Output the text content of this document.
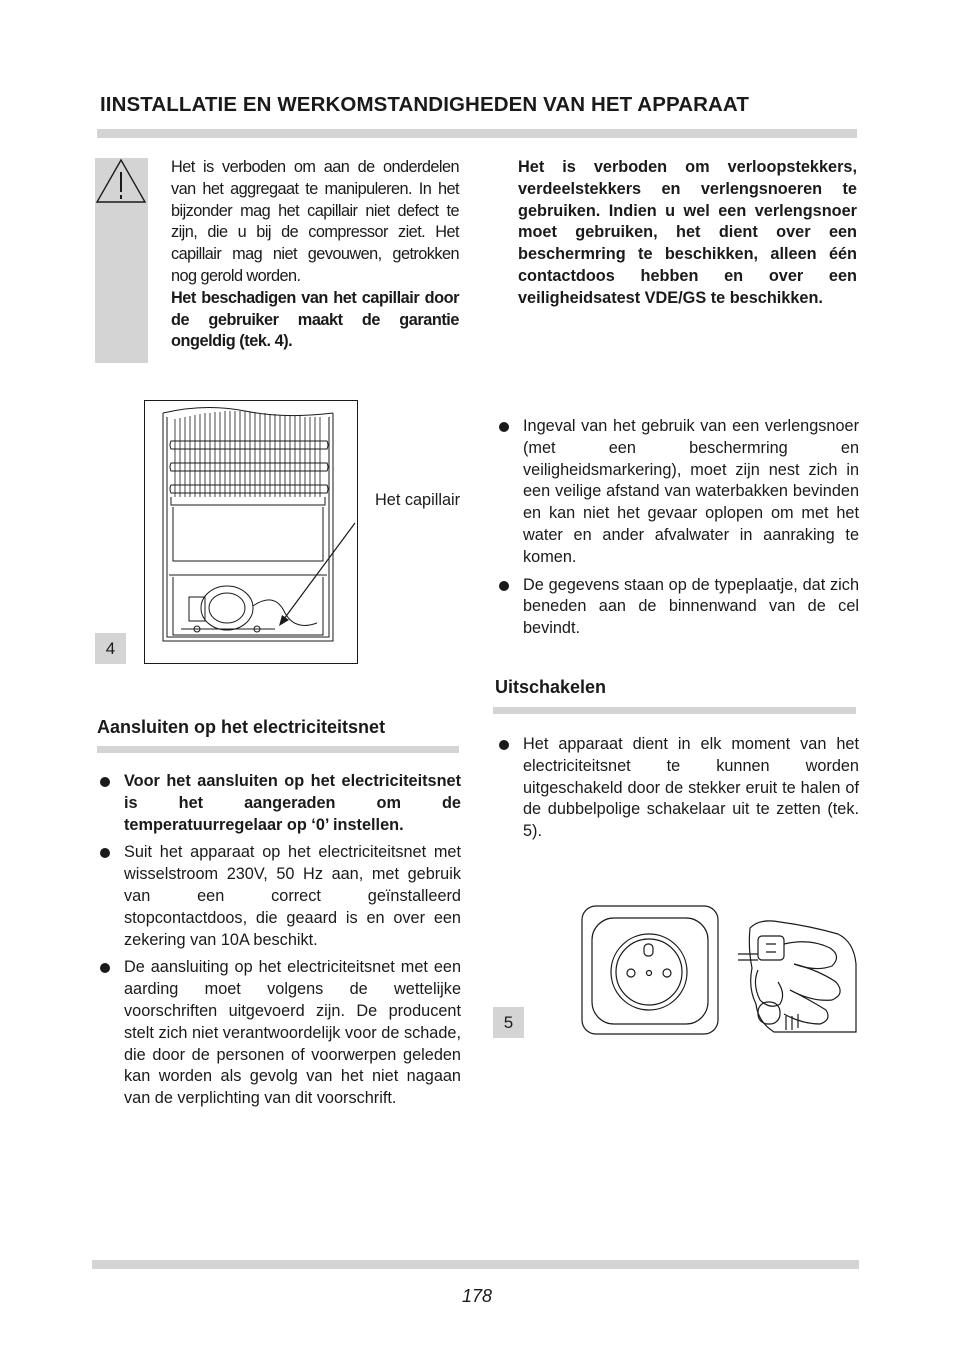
IINSTALLATIE EN WERKOMSTANDIGHEDEN VAN HET APPARAAT
Het is verboden om aan de onderdelen van het aggregaat te manipuleren. In het bijzonder mag het capillair niet defect te zijn, die u bij de compressor ziet. Het capillair mag niet gevouwen, getrokken nog gerold worden.
Het beschadigen van het capillair door de gebruiker maakt de garantie ongeldig (tek. 4).
Het is verboden om verloopstekkers, verdeelstekkers en verlengsnoeren te gebruiken. Indien u wel een verlengsnoer moet gebruiken, het dient over een beschermring te beschikken, alleen één contactdoos hebben en over een veiligheidsatest VDE/GS te beschikken.
4
Het capillair
Ingeval van het gebruik van een verlengsnoer (met een beschermring en veiligheidsmarkering), moet zijn nest zich in een veilige afstand van waterbakken bevinden en kan niet het gevaar oplopen om met het water en ander afvalwater in aanraking te komen.
De gegevens staan op de typeplaatje, dat zich beneden aan de binnenwand van de cel bevindt.
Uitschakelen
Het apparaat dient in elk moment van het electriciteitsnet te kunnen worden uitgeschakeld door de stekker eruit te halen of de dubbelpolige schakelaar uit te zetten (tek. 5).
Aansluiten op het electriciteitsnet
Voor het aansluiten op het electriciteitsnet is het aangeraden om de temperatuurregelaar op ‘0’ instellen.
Suit het apparaat op het electriciteitsnet met wisselstroom 230V, 50 Hz aan, met gebruik van een correct geïnstalleerd stopcontactdoos, die geaard is en over een zekering van 10A beschikt.
De aansluiting op het electriciteitsnet met een aarding moet volgens de wettelijke voorschriften uitgevoerd zijn. De producent stelt zich niet verantwoordelijk voor de schade, die door de personen of voorwerpen geleden kan worden als gevolg van het niet nagaan van de verplichting van dit voorschrift.
5
178
